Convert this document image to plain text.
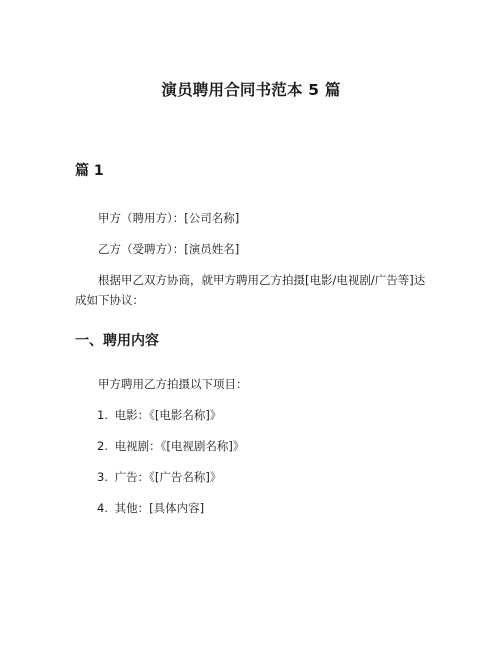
演员聘用合同书范本 5 篇
篇 1
甲方（聘用方）：[公司名称]
乙方（受聘方）：[演员姓名]
根据甲乙双方协商，就甲方聘用乙方拍摄[电影/电视剧/广告等]达
成如下协议：
一、聘用内容
甲方聘用乙方拍摄以下项目：
1. 电影：《[电影名称]》
2. 电视剧：《[电视剧名称]》
3. 广告：《[广告名称]》
4. 其他：[具体内容]
